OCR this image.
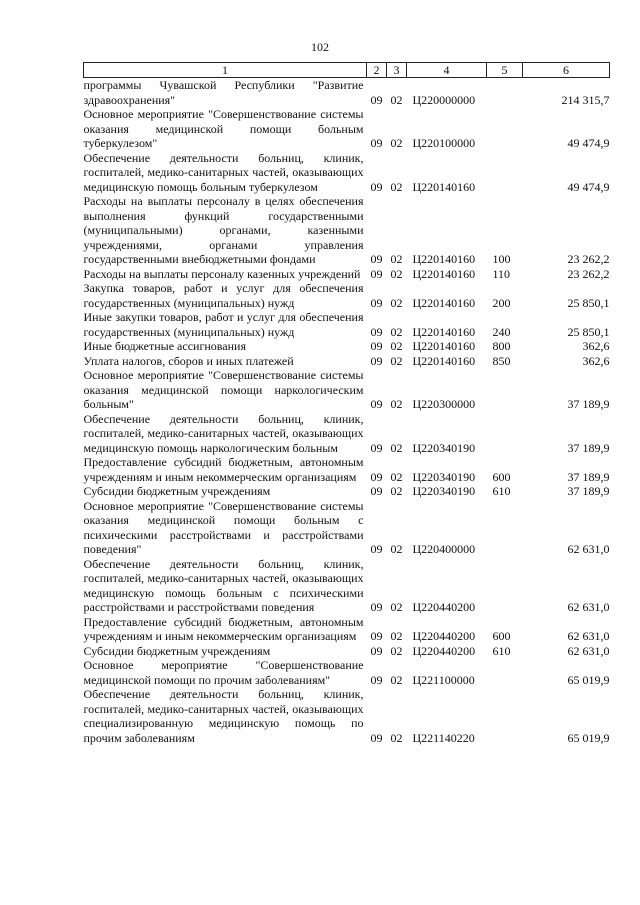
102
1	2	3	4	5	6
программы Чувашской Республики "Развитие здравоохранения"	09	02	Ц220000000		214 315,7
Основное мероприятие "Совершенствование системы оказания медицинской помощи больным туберкулезом"	09	02	Ц220100000		49 474,9
Обеспечение деятельности больниц, клиник, госпиталей, медико-санитарных частей, оказывающих медицинскую помощь больным туберкулезом	09	02	Ц220140160		49 474,9
Расходы на выплаты персоналу в целях обеспечения выполнения функций государственными (муниципальными) органами, казенными учреждениями, органами управления государственными внебюджетными фондами	09	02	Ц220140160	100	23 262,2
Расходы на выплаты персоналу казенных учреждений	09	02	Ц220140160	110	23 262,2
Закупка товаров, работ и услуг для обеспечения государственных (муниципальных) нужд	09	02	Ц220140160	200	25 850,1
Иные закупки товаров, работ и услуг для обеспечения государственных (муниципальных) нужд	09	02	Ц220140160	240	25 850,1
Иные бюджетные ассигнования	09	02	Ц220140160	800	362,6
Уплата налогов, сборов и иных платежей	09	02	Ц220140160	850	362,6
Основное мероприятие "Совершенствование системы оказания медицинской помощи наркологическим больным"	09	02	Ц220300000		37 189,9
Обеспечение деятельности больниц, клиник, госпиталей, медико-санитарных частей, оказывающих медицинскую помощь наркологическим больным	09	02	Ц220340190		37 189,9
Предоставление субсидий бюджетным, автономным учреждениям и иным некоммерческим организациям	09	02	Ц220340190	600	37 189,9
Субсидии бюджетным учреждениям	09	02	Ц220340190	610	37 189,9
Основное мероприятие "Совершенствование системы оказания медицинской помощи больным с психическими расстройствами и расстройствами поведения"	09	02	Ц220400000		62 631,0
Обеспечение деятельности больниц, клиник, госпиталей, медико-санитарных частей, оказывающих медицинскую помощь больным с психическими расстройствами и расстройствами поведения	09	02	Ц220440200		62 631,0
Предоставление субсидий бюджетным, автономным учреждениям и иным некоммерческим организациям	09	02	Ц220440200	600	62 631,0
Субсидии бюджетным учреждениям	09	02	Ц220440200	610	62 631,0
Основное мероприятие "Совершенствование медицинской помощи по прочим заболеваниям"	09	02	Ц221100000		65 019,9
Обеспечение деятельности больниц, клиник, госпиталей, медико-санитарных частей, оказывающих специализированную медицинскую помощь по прочим заболеваниям	09	02	Ц221140220		65 019,9
